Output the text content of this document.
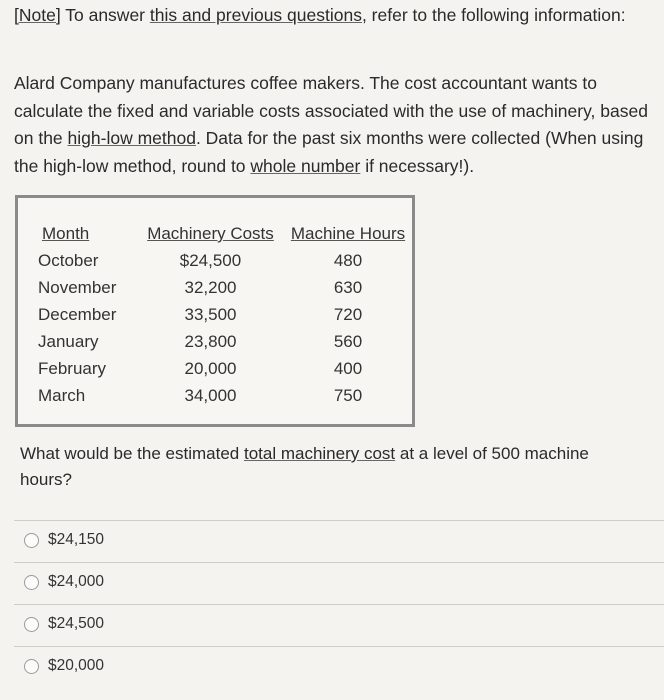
[Note] To answer this and previous questions, refer to the following information:
Alard Company manufactures coffee makers. The cost accountant wants to calculate the fixed and variable costs associated with the use of machinery, based on the high-low method. Data for the past six months were collected (When using the high-low method, round to whole number if necessary!).
Month
October
November
December
January
February
March
Machinery Costs
$24,500
32,200
33,500
23,800
20,000
34,000
Machine Hours
480
630
720
560
400
750
What would be the estimated total machinery cost at a level of 500 machine hours?
$24,150
$24,000
$24,500
$20,000
